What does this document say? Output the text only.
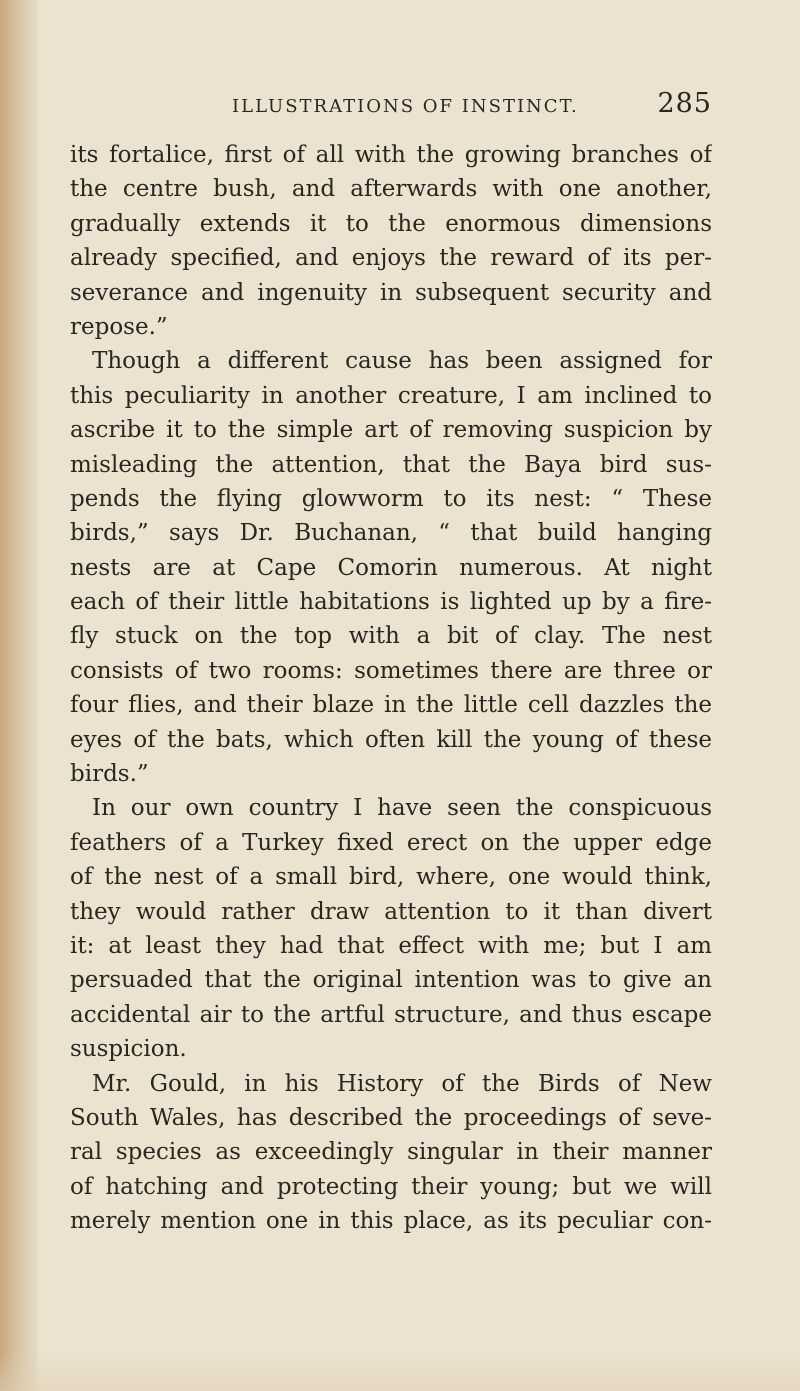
ILLUSTRATIONS OF INSTINCT.	285
its fortalice, first of all with the growing branches of
the centre bush, and afterwards with one another,
gradually extends it to the enormous dimensions
already specified, and enjoys the reward of its per-
severance and ingenuity in subsequent security and
repose.”
Though a different cause has been assigned for
this peculiarity in another creature, I am inclined to
ascribe it to the simple art of removing suspicion by
misleading the attention, that the Baya bird sus-
pends the flying glowworm to its nest: “ These
birds,” says Dr. Buchanan, “ that build hanging
nests are at Cape Comorin numerous. At night
each of their little habitations is lighted up by a fire-
fly stuck on the top with a bit of clay. The nest
consists of two rooms: sometimes there are three or
four flies, and their blaze in the little cell dazzles the
eyes of the bats, which often kill the young of these
birds.”
In our own country I have seen the conspicuous
feathers of a Turkey fixed erect on the upper edge
of the nest of a small bird, where, one would think,
they would rather draw attention to it than divert
it: at least they had that effect with me; but I am
persuaded that the original intention was to give an
accidental air to the artful structure, and thus escape
suspicion.
Mr. Gould, in his History of the Birds of New
South Wales, has described the proceedings of seve-
ral species as exceedingly singular in their manner
of hatching and protecting their young; but we will
merely mention one in this place, as its peculiar con-
